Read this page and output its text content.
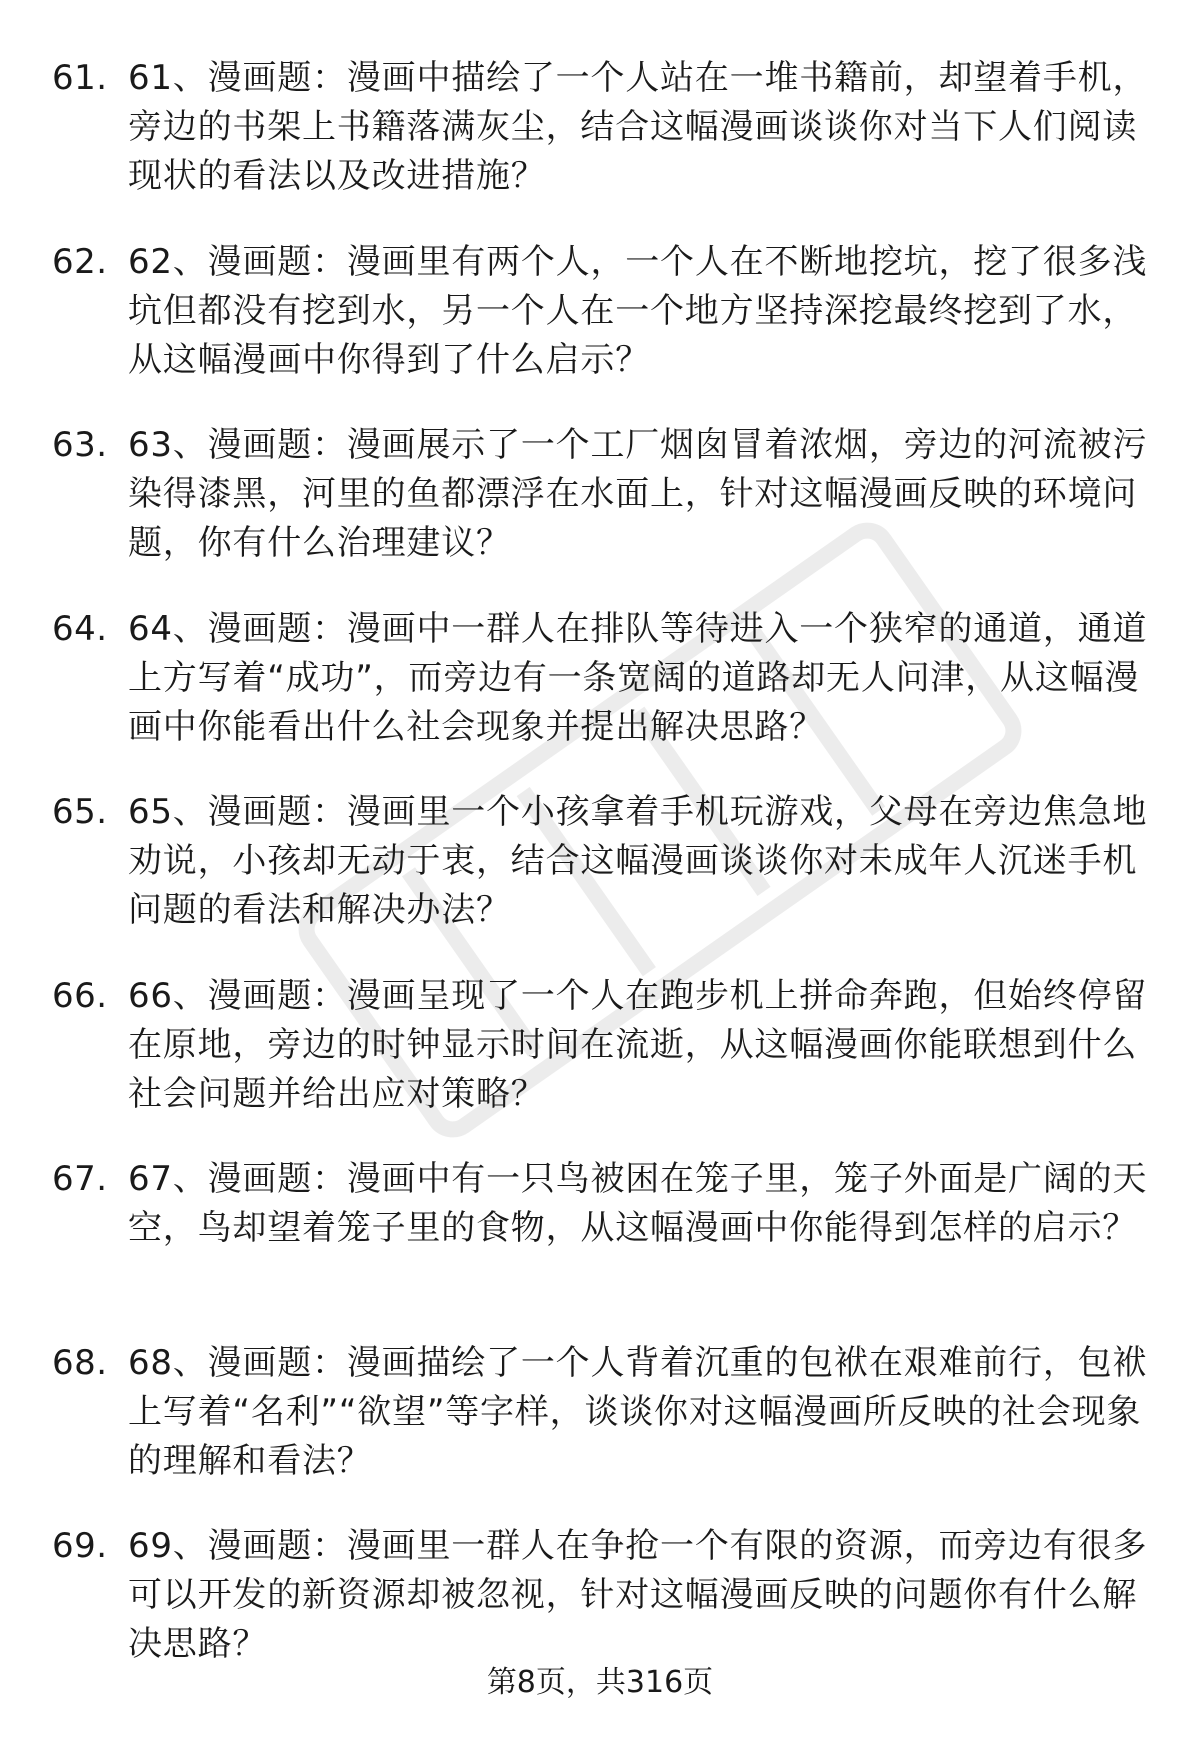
61. 61、漫画题：漫画中描绘了一个人站在一堆书籍前，却望着手机，旁边的书架上书籍落满灰尘，结合这幅漫画谈谈你对当下人们阅读现状的看法以及改进措施？
62. 62、漫画题：漫画里有两个人，一个人在不断地挖坑，挖了很多浅坑但都没有挖到水，另一个人在一个地方坚持深挖最终挖到了水，从这幅漫画中你得到了什么启示？
63. 63、漫画题：漫画展示了一个工厂烟囱冒着浓烟，旁边的河流被污染得漆黑，河里的鱼都漂浮在水面上，针对这幅漫画反映的环境问题，你有什么治理建议？
64. 64、漫画题：漫画中一群人在排队等待进入一个狭窄的通道，通道上方写着“成功”，而旁边有一条宽阔的道路却无人问津，从这幅漫画中你能看出什么社会现象并提出解决思路？
65. 65、漫画题：漫画里一个小孩拿着手机玩游戏，父母在旁边焦急地劝说，小孩却无动于衷，结合这幅漫画谈谈你对未成年人沉迷手机问题的看法和解决办法？
66. 66、漫画题：漫画呈现了一个人在跑步机上拼命奔跑，但始终停留在原地，旁边的时钟显示时间在流逝，从这幅漫画你能联想到什么社会问题并给出应对策略？
67. 67、漫画题：漫画中有一只鸟被困在笼子里，笼子外面是广阔的天空，鸟却望着笼子里的食物，从这幅漫画中你能得到怎样的启示？
68. 68、漫画题：漫画描绘了一个人背着沉重的包袱在艰难前行，包袱上写着“名利”“欲望”等字样，谈谈你对这幅漫画所反映的社会现象的理解和看法？
69. 69、漫画题：漫画里一群人在争抢一个有限的资源，而旁边有很多可以开发的新资源却被忽视，针对这幅漫画反映的问题你有什么解决思路？
第8页，共316页
